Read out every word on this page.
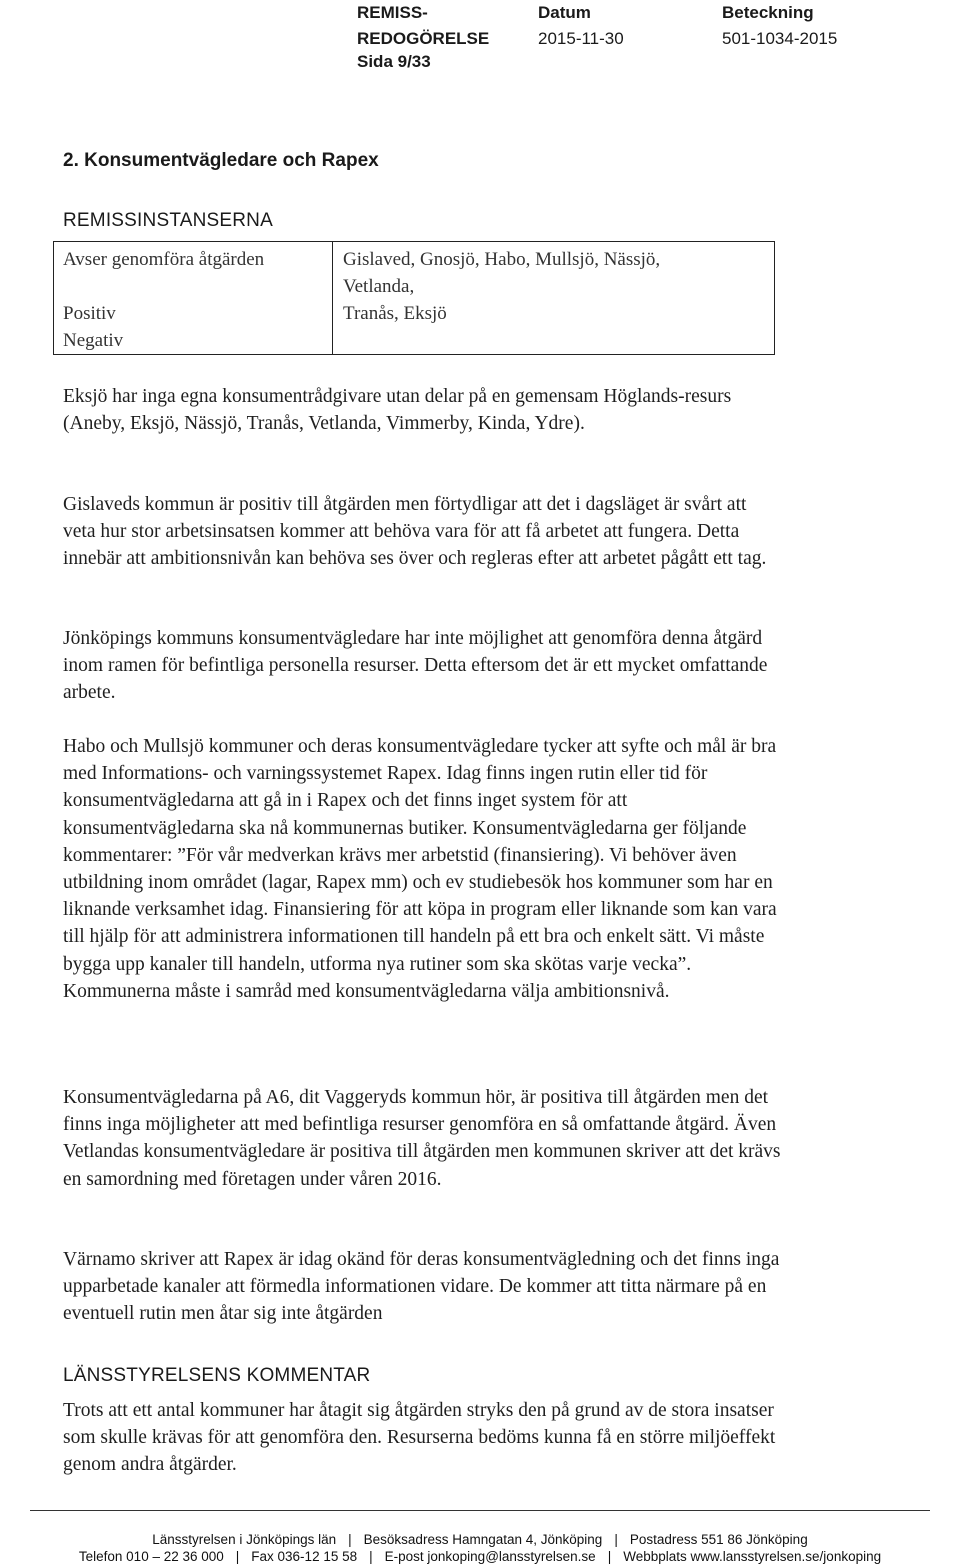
REMISS-
REDOGÖRELSE
Datum
2015-11-30
Beteckning
501-1034-2015
Sida 9/33
2. Konsumentvägledare och Rapex
REMISSINSTANSERNA
Avser genomföra åtgärden	Gislaved, Gnosjö, Habo, Mullsjö, Nässjö,
Vetlanda,
Positiv	Tranås, Eksjö
Negativ
Eksjö har inga egna konsumentrådgivare utan delar på en gemensam Höglands-resurs (Aneby, Eksjö, Nässjö, Tranås, Vetlanda, Vimmerby, Kinda, Ydre).
Gislaveds kommun är positiv till åtgärden men förtydligar att det i dagsläget är svårt att veta hur stor arbetsinsatsen kommer att behöva vara för att få arbetet att fungera. Detta innebär att ambitionsnivån kan behöva ses över och regleras efter att arbetet pågått ett tag.
Jönköpings kommuns konsumentvägledare har inte möjlighet att genomföra denna åtgärd inom ramen för befintliga personella resurser. Detta eftersom det är ett mycket omfattande arbete.
Habo och Mullsjö kommuner och deras konsumentvägledare tycker att syfte och mål är bra med Informations- och varningssystemet Rapex. Idag finns ingen rutin eller tid för konsumentvägledarna att gå in i Rapex och det finns inget system för att konsumentvägledarna ska nå kommunernas butiker. Konsumentvägledarna ger följande kommentarer: ”För vår medverkan krävs mer arbetstid (finansiering). Vi behöver även utbildning inom området (lagar, Rapex mm) och ev studiebesök hos kommuner som har en liknande verksamhet idag. Finansiering för att köpa in program eller liknande som kan vara till hjälp för att administrera informationen till handeln på ett bra och enkelt sätt. Vi måste bygga upp kanaler till handeln, utforma nya rutiner som ska skötas varje vecka”. Kommunerna måste i samråd med konsumentvägledarna välja ambitionsnivå.
Konsumentvägledarna på A6, dit Vaggeryds kommun hör, är positiva till åtgärden men det finns inga möjligheter att med befintliga resurser genomföra en så omfattande åtgärd. Även Vetlandas konsumentvägledare är positiva till åtgärden men kommunen skriver att det krävs en samordning med företagen under våren 2016.
Värnamo skriver att Rapex är idag okänd för deras konsumentvägledning och det finns inga upparbetade kanaler att förmedla informationen vidare. De kommer att titta närmare på en eventuell rutin men åtar sig inte åtgärden
LÄNSSTYRELSENS KOMMENTAR
Trots att ett antal kommuner har åtagit sig åtgärden stryks den på grund av de stora insatser som skulle krävas för att genomföra den. Resurserna bedöms kunna få en större miljöeffekt genom andra åtgärder.
Länsstyrelsen i Jönköpings län | Besöksadress Hamngatan 4, Jönköping | Postadress 551 86 Jönköping
Telefon 010 – 22 36 000 | Fax 036-12 15 58 | E-post jonkoping@lansstyrelsen.se | Webbplats www.lansstyrelsen.se/jonkoping
